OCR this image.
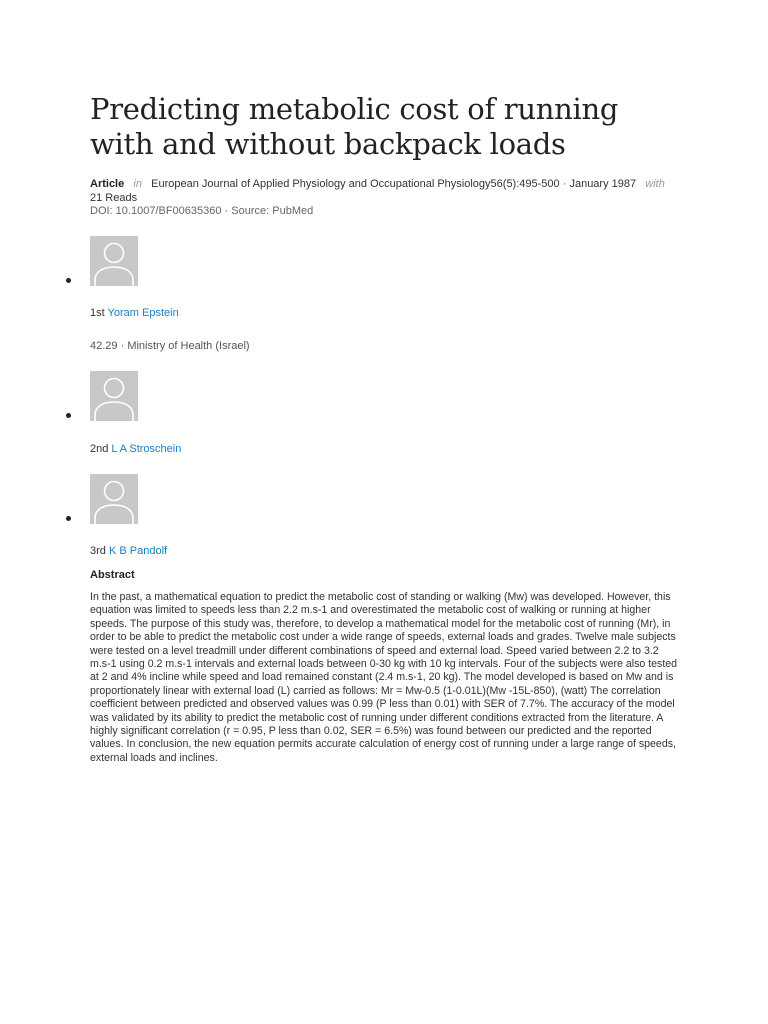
Predicting metabolic cost of running with and without backpack loads
Article in European Journal of Applied Physiology and Occupational Physiology56(5):495-500 · January 1987 with
21 Reads
DOI: 10.1007/BF00635360 · Source: PubMed
1st Yoram Epstein
42.29 · Ministry of Health (Israel)
2nd L A Stroschein
3rd K B Pandolf
Abstract
In the past, a mathematical equation to predict the metabolic cost of standing or walking (Mw) was developed. However, this equation was limited to speeds less than 2.2 m.s-1 and overestimated the metabolic cost of walking or running at higher speeds. The purpose of this study was, therefore, to develop a mathematical model for the metabolic cost of running (Mr), in order to be able to predict the metabolic cost under a wide range of speeds, external loads and grades. Twelve male subjects were tested on a level treadmill under different combinations of speed and external load. Speed varied between 2.2 to 3.2 m.s-1 using 0.2 m.s-1 intervals and external loads between 0-30 kg with 10 kg intervals. Four of the subjects were also tested at 2 and 4% incline while speed and load remained constant (2.4 m.s-1, 20 kg). The model developed is based on Mw and is proportionately linear with external load (L) carried as follows: Mr = Mw-0.5 (1-0.01L)(Mw -15L-850), (watt) The correlation coefficient between predicted and observed values was 0.99 (P less than 0.01) with SER of 7.7%. The accuracy of the model was validated by its ability to predict the metabolic cost of running under different conditions extracted from the literature. A highly significant correlation (r = 0.95, P less than 0.02, SER = 6.5%) was found between our predicted and the reported values. In conclusion, the new equation permits accurate calculation of energy cost of running under a large range of speeds, external loads and inclines.
